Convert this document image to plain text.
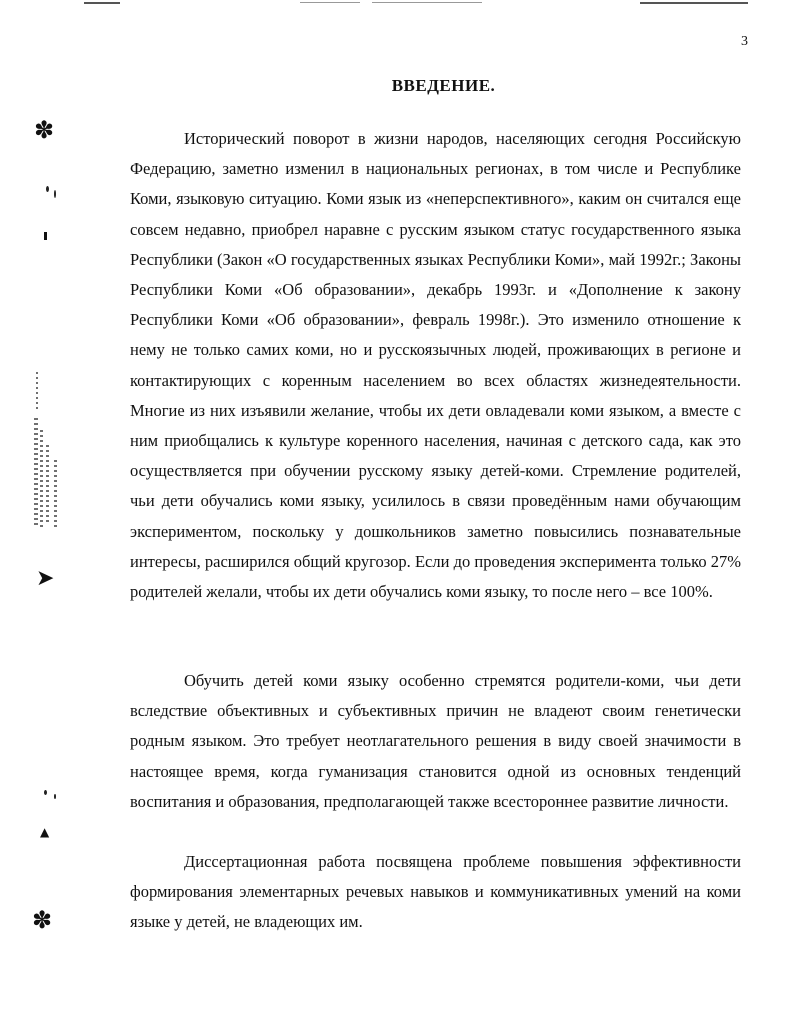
✽
➤
▲
✽
3
ВВЕДЕНИЕ.

Исторический поворот в жизни народов, населяющих сегодня Российскую Федерацию, заметно изменил в национальных регионах, в том числе и Республике Коми, языковую ситуацию. Коми язык из «неперспективного», каким он считался еще совсем недавно, приобрел наравне с русским языком статус государственного языка Республики (Закон «О государственных языках Республики Коми», май 1992г.; Законы Республики Коми «Об образовании», декабрь 1993г. и «Дополнение к закону Республики Коми «Об образовании», февраль 1998г.). Это изменило отношение к нему не только самих коми, но и русскоязычных людей, проживающих в регионе и контактирующих с коренным населением во всех областях жизнедеятельности. Многие из них изъявили желание, чтобы их дети овладевали коми языком, а вместе с ним приобщались к культуре коренного населения, начиная с детского сада, как это осуществляется при обучении русскому языку детей-коми. Стремление родителей, чьи дети обучались коми языку, усилилось в связи проведённым нами обучающим экспериментом, поскольку у дошкольников заметно повысились познавательные интересы, расширился общий кругозор. Если до проведения эксперимента только 27% родителей желали, чтобы их дети обучались коми языку, то после него – все 100%.

Обучить детей коми языку особенно стремятся родители-коми, чьи дети вследствие объективных и субъективных причин не владеют своим генетически родным языком. Это требует неотлагательного решения в виду своей значимости в настоящее время, когда гуманизация становится одной из основных тенденций воспитания и образования, предполагающей также всестороннее развитие личности.

Диссертационная работа посвящена проблеме повышения эффективности формирования элементарных речевых навыков и коммуникативных умений на коми языке у детей, не владеющих им.
